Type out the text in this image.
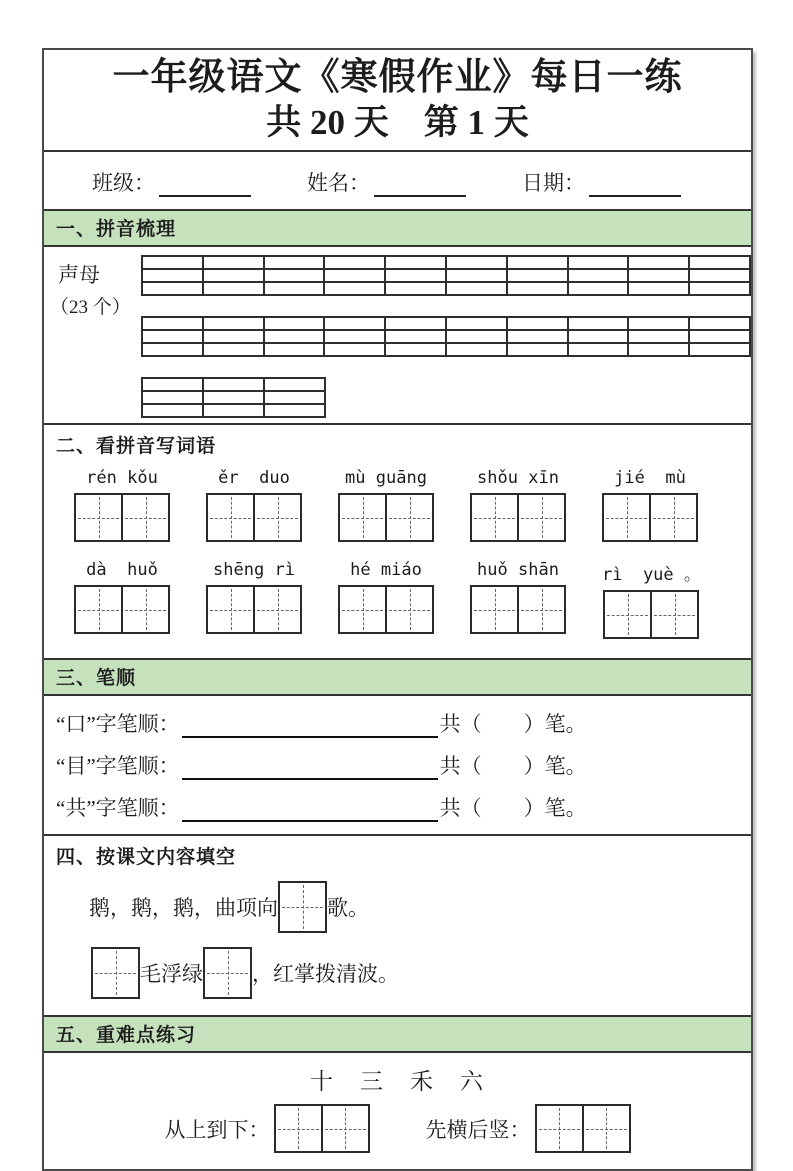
一年级语文《寒假作业》每日一练
共 20 天　第 1 天
班级：	姓名：	日期：
一、拼音梳理
声母
（23 个）

二、看拼音写词语
rén kǒu	ěr  duo	mù guāng	shǒu xīn	jié  mù
dà  huǒ	shēng rì	hé miáo	huǒ shān	rì  yuè 。
三、笔顺
“口”字笔顺：	共（　　）笔。
“目”字笔顺：	共（　　）笔。
“共”字笔顺：	共（　　）笔。
四、按课文内容填空
鹅，鹅，鹅，曲项向 歌。
毛浮绿 ，红掌拨清波。
五、重难点练习
十　三　禾　六
从上到下：	先横后竖：
